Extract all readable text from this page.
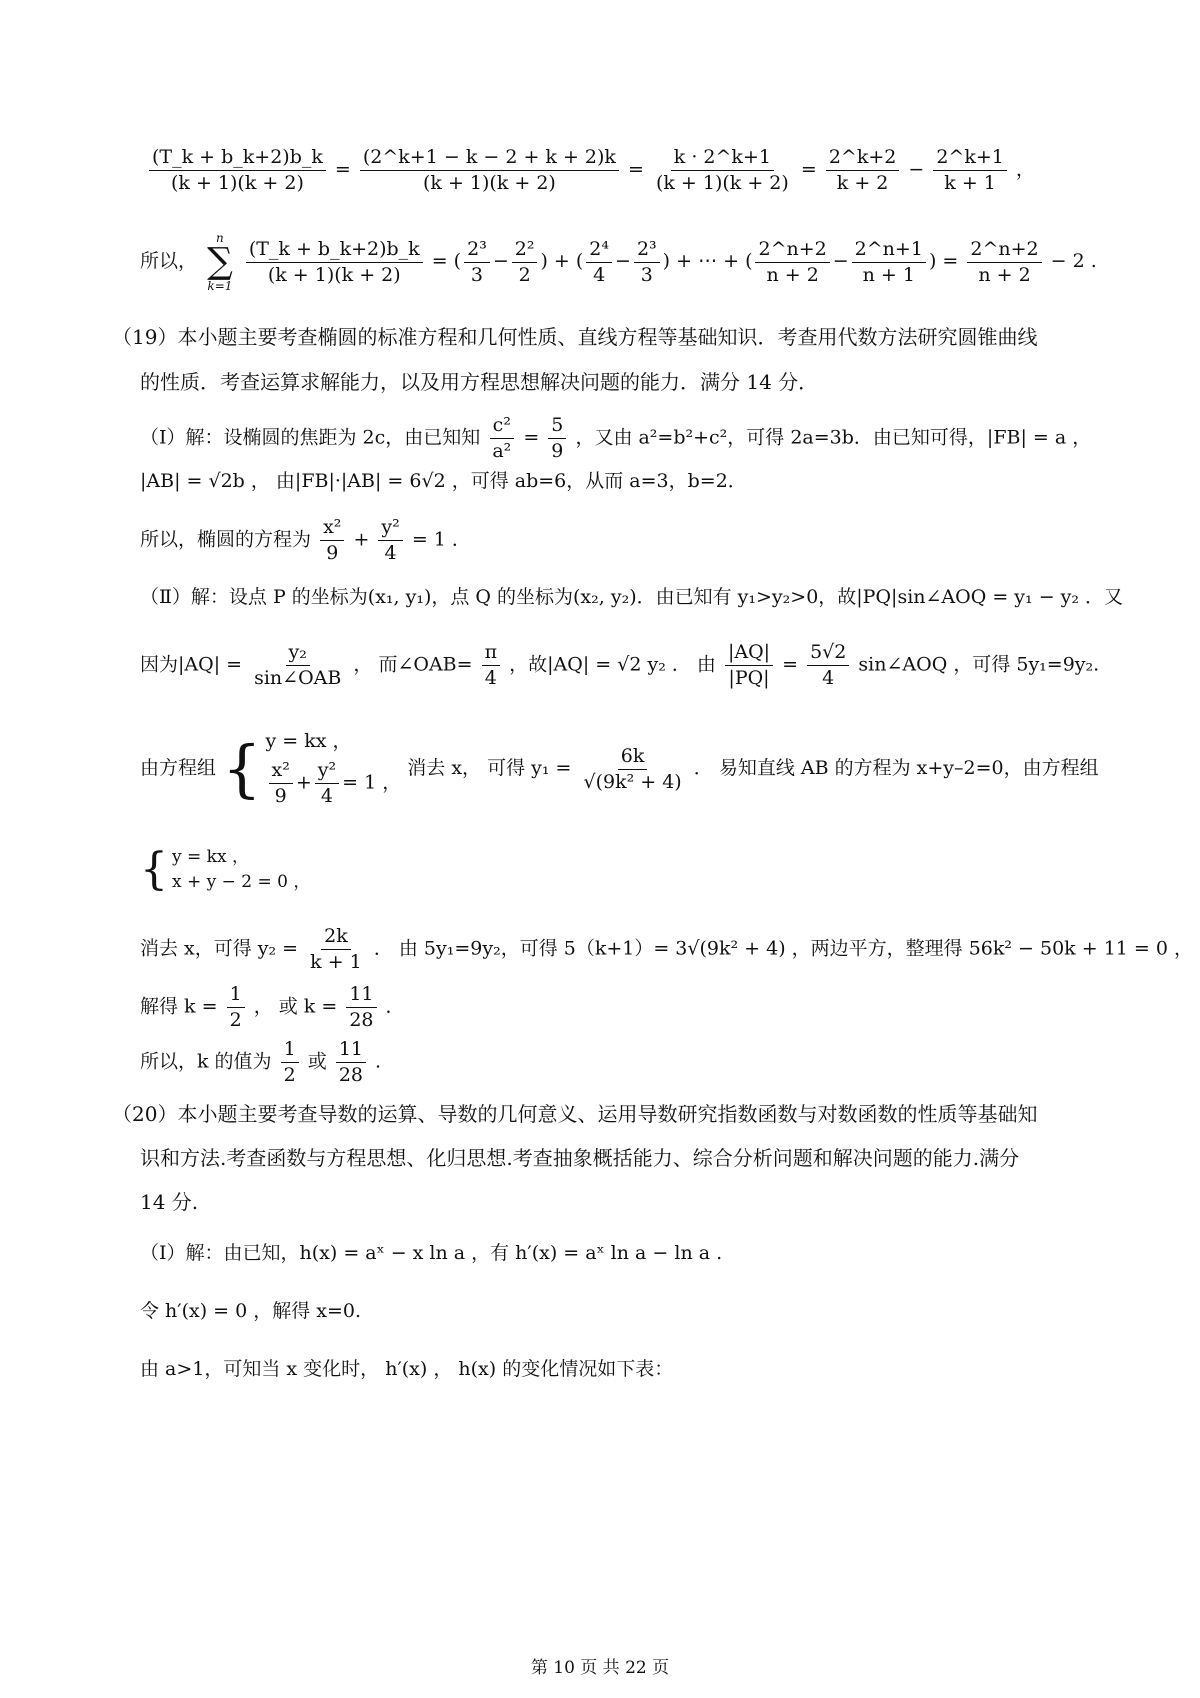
$\frac{(T\_k + b\_k+2)b\_k}{(k + 1)(k + 2)} = \frac{(2\^{}k+1 - k - 2 + k + 2)k}{(k + 1)(k + 2)} = \frac{k \cdot 2\^{}k+1}{(k + 1)(k + 2)} = \frac{2\^{}k+2}{k + 2} - \frac{2\^{}k+1}{k + 1}$ ，
所以，
n
∑
k=1

$\frac{(T\_k + b\_k+2)b\_k}{(k + 1)(k + 2)}$ = ( $\frac{\text{2³}}{3} - \frac{\text{2²}}{2}$ ) + ( $\frac{\text{2⁴}}{4} - \frac{\text{2³}}{3}$ ) + ⋯ + ( $\frac{2\^{}n+2}{n + 2} - \frac{2\^{}n+1}{n + 1}$ ) = $\frac{2\^{}n+2}{n + 2} - 2$ .
（19）本小题主要考查椭圆的标准方程和几何性质、直线方程等基础知识．考查用代数方法研究圆锥曲线
的性质．考查运算求解能力，以及用方程思想解决问题的能力．满分 14 分．
（Ⅰ）解：设椭圆的焦距为 2c，由已知知 $\frac{\text{c²}}{\text{a²}} = \frac{5}{9}$ ，又由 a²=b²+c²，可得 2a=3b．由已知可得，|FB| = a ，
|AB| = √2b ， 由|FB|·|AB| = 6√2 ，可得 ab=6，从而 a=3，b=2．
所以，椭圆的方程为 $\frac{\text{x²}}{9} + \frac{\text{y²}}{4} = 1$ ．
（Ⅱ）解：设点 P 的坐标为(x₁, y₁)，点 Q 的坐标为(x₂, y₂)．由已知有 y₁>y₂>0，故|PQ|sin∠AOQ = y₁ − y₂ ．又
因为$|AQ| = \frac{\text{y₂}}{\text{sin∠OAB}}$ ， 而∠OAB= $\frac{\pi}{4}$ ，故|AQ| = √2 y₂ ． 由 $\frac{|AQ|}{|PQ|} = \frac{5√2}{4}$ sin∠AOQ ，可得 5y₁=9y₂.
由方程组 { y = kx ，
$\frac{\text{x²}}{9} + \frac{\text{y²}}{4} = 1$ ，
消去 x， 可得 $y_1 = \frac{6k}{\text{√(9k² + 4)}}$ ． 易知直线 AB 的方程为 x+y–2=0，由方程组
{ y = kx ，
x + y − 2 = 0 ，
消去 x，可得 $y_2 = \frac{2k}{k + 1}$ ． 由 5y₁=9y₂，可得 5（k+1）= 3√(9k² + 4) ，两边平方，整理得 56k² − 50k + 11 = 0 ，
解得 $k = \frac{1}{2}$ ， 或 $k = \frac{11}{28}$ ．
所以，k 的值为 $\frac{1}{2}$ 或 $\frac{11}{28}$ .
（20）本小题主要考查导数的运算、导数的几何意义、运用导数研究指数函数与对数函数的性质等基础知
识和方法.考查函数与方程思想、化归思想.考查抽象概括能力、综合分析问题和解决问题的能力.满分
14 分.
（Ⅰ）解：由已知，h(x) = aˣ − x ln a ，有 h′(x) = aˣ ln a − ln a .
令 h′(x) = 0 ，解得 x=0.
由 a>1，可知当 x 变化时， h′(x) ， h(x) 的变化情况如下表：
第 10 页 共 22 页
